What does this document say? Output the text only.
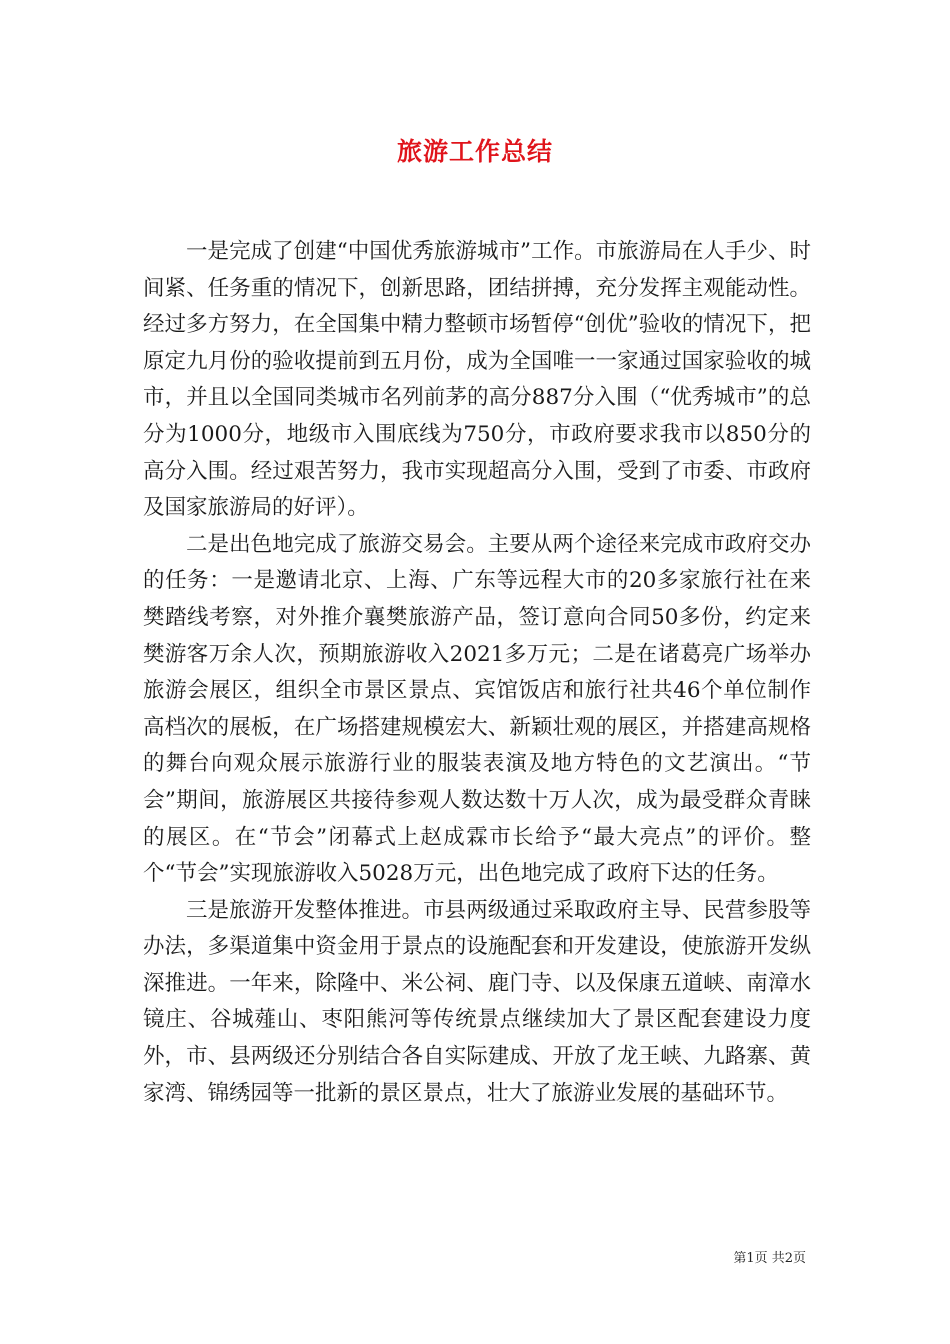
旅游工作总结

一是完成了创建“中国优秀旅游城市”工作。市旅游局在人手少、时间紧、任务重的情况下，创新思路，团结拼搏，充分发挥主观能动性。经过多方努力，在全国集中精力整顿市场暂停“创优”验收的情况下，把原定九月份的验收提前到五月份，成为全国唯一一家通过国家验收的城市，并且以全国同类城市名列前茅的高分887分入围（“优秀城市”的总分为1000分，地级市入围底线为750分，市政府要求我市以850分的高分入围。经过艰苦努力，我市实现超高分入围，受到了市委、市政府及国家旅游局的好评）。

二是出色地完成了旅游交易会。主要从两个途径来完成市政府交办的任务：一是邀请北京、上海、广东等远程大市的20多家旅行社在来樊踏线考察，对外推介襄樊旅游产品，签订意向合同50多份，约定来樊游客万余人次，预期旅游收入2021多万元；二是在诸葛亮广场举办旅游会展区，组织全市景区景点、宾馆饭店和旅行社共46个单位制作高档次的展板，在广场搭建规模宏大、新颖壮观的展区，并搭建高规格的舞台向观众展示旅游行业的服装表演及地方特色的文艺演出。“节会”期间，旅游展区共接待参观人数达数十万人次，成为最受群众青睐的展区。在“节会”闭幕式上赵成霖市长给予“最大亮点”的评价。整个“节会”实现旅游收入5028万元，出色地完成了政府下达的任务。

三是旅游开发整体推进。市县两级通过采取政府主导、民营参股等办法，多渠道集中资金用于景点的设施配套和开发建设，使旅游开发纵深推进。一年来，除隆中、米公祠、鹿门寺、以及保康五道峡、南漳水镜庄、谷城薤山、枣阳熊河等传统景点继续加大了景区配套建设力度外，市、县两级还分别结合各自实际建成、开放了龙王峡、九路寨、黄家湾、锦绣园等一批新的景区景点，壮大了旅游业发展的基础环节。

第1页 共2页
